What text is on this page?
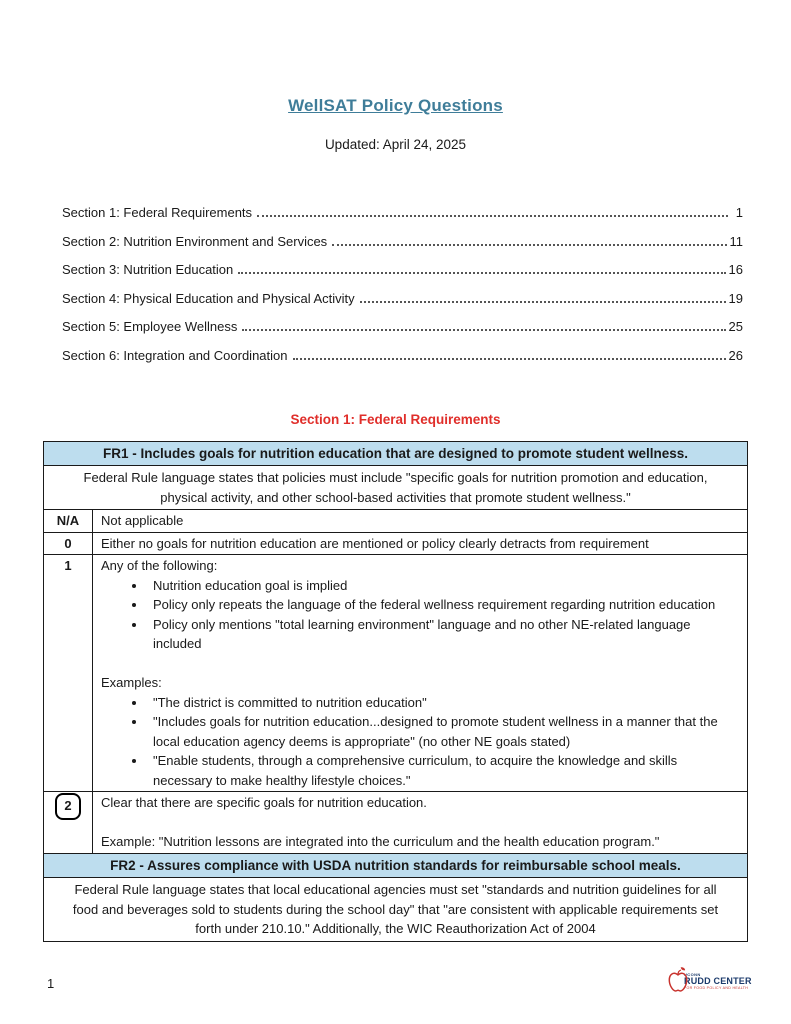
WellSAT Policy Questions
Updated: April 24, 2025
Section 1: Federal Requirements	1
Section 2: Nutrition Environment and Services	11
Section 3: Nutrition Education	16
Section 4: Physical Education and Physical Activity	19
Section 5: Employee Wellness	25
Section 6: Integration and Coordination	26
Section 1: Federal Requirements
FR1 - Includes goals for nutrition education that are designed to promote student wellness.	
Federal Rule language states that policies must include "specific goals for nutrition promotion and education, physical activity, and other school-based activities that promote student wellness."	
N/A	Not applicable
0	Either no goals for nutrition education are mentioned or policy clearly detracts from requirement
1	Any of the following:
• Nutrition education goal is implied
• Policy only repeats the language of the federal wellness requirement regarding nutrition education
• Policy only mentions "total learning environment" language and no other NE-related language included
Examples:
• "The district is committed to nutrition education"
• "Includes goals for nutrition education...designed to promote student wellness in a manner that the local education agency deems is appropriate" (no other NE goals stated)
• "Enable students, through a comprehensive curriculum, to acquire the knowledge and skills necessary to make healthy lifestyle choices."

2	Clear that there are specific goals for nutrition education.
Example: "Nutrition lessons are integrated into the curriculum and the health education program."

FR2 - Assures compliance with USDA nutrition standards for reimbursable school meals.	
Federal Rule language states that local educational agencies must set "standards and nutrition guidelines for all food and beverages sold to students during the school day" that "are consistent with applicable requirements set forth under 210.10." Additionally, the WIC Reauthorization Act of 2004	
1
UCONN
RUDD CENTER
FOR FOOD POLICY AND HEALTH
